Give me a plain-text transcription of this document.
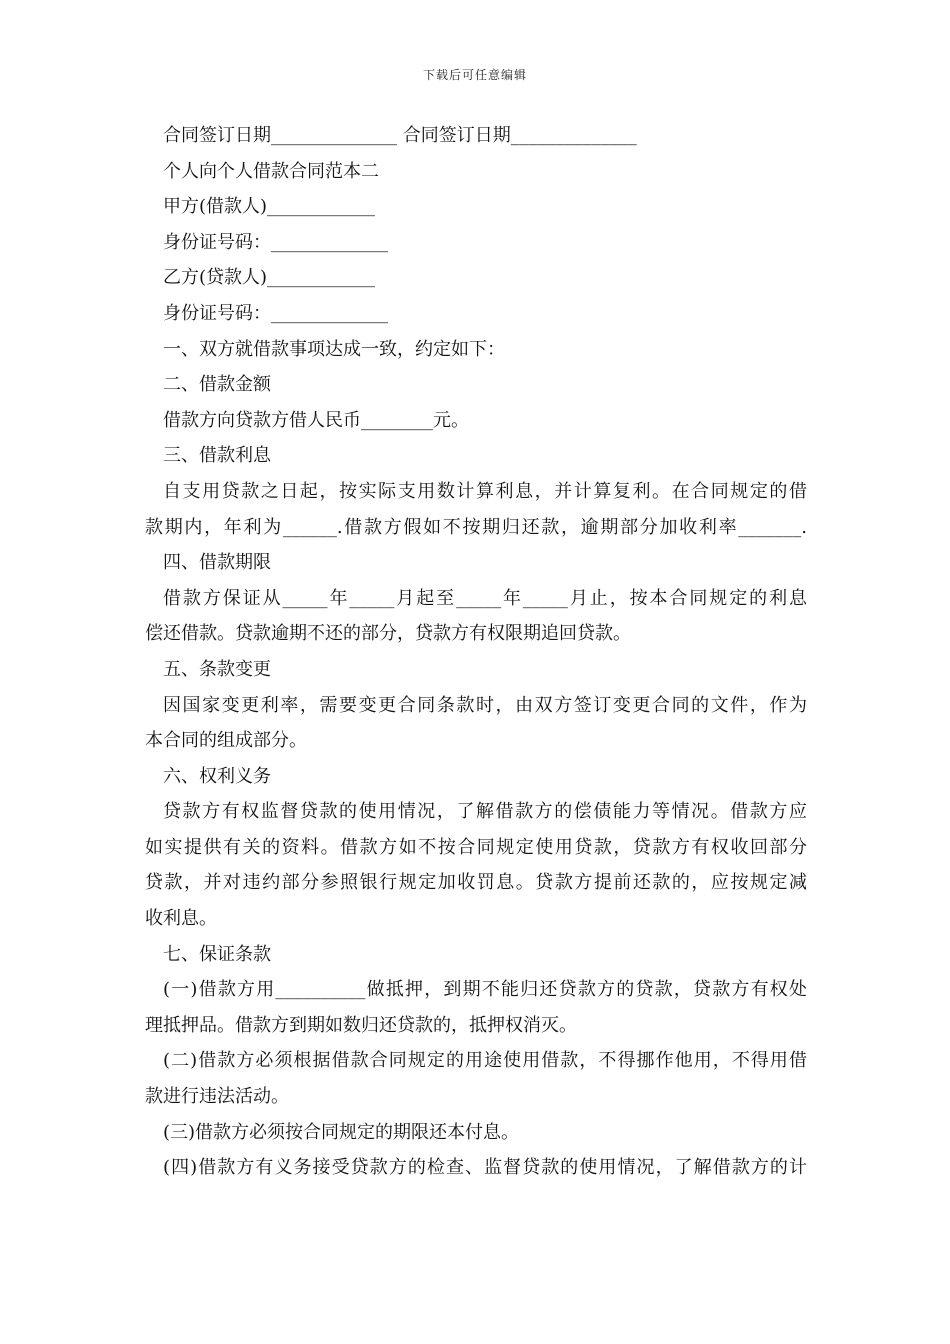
下载后可任意编辑
合同签订日期______________ 合同签订日期______________
个人向个人借款合同范本二
甲方(借款人)____________
身份证号码：_____________
乙方(贷款人)____________
身份证号码：_____________
一、双方就借款事项达成一致，约定如下：
二、借款金额
借款方向贷款方借人民币________元。
三、借款利息
自支用贷款之日起，按实际支用数计算利息，并计算复利。在合同规定的借
款期内，年利为______.借款方假如不按期归还款，逾期部分加收利率_______.
四、借款期限
借款方保证从_____年_____月起至_____年_____月止，按本合同规定的利息
偿还借款。贷款逾期不还的部分，贷款方有权限期追回贷款。
五、条款变更
因国家变更利率，需要变更合同条款时，由双方签订变更合同的文件，作为
本合同的组成部分。
六、权利义务
贷款方有权监督贷款的使用情况，了解借款方的偿债能力等情况。借款方应
如实提供有关的资料。借款方如不按合同规定使用贷款，贷款方有权收回部分
贷款，并对违约部分参照银行规定加收罚息。贷款方提前还款的，应按规定减
收利息。
七、保证条款
(一)借款方用__________做抵押，到期不能归还贷款方的贷款，贷款方有权处
理抵押品。借款方到期如数归还贷款的，抵押权消灭。
(二)借款方必须根据借款合同规定的用途使用借款，不得挪作他用，不得用借
款进行违法活动。
(三)借款方必须按合同规定的期限还本付息。
(四)借款方有义务接受贷款方的检查、监督贷款的使用情况，了解借款方的计
